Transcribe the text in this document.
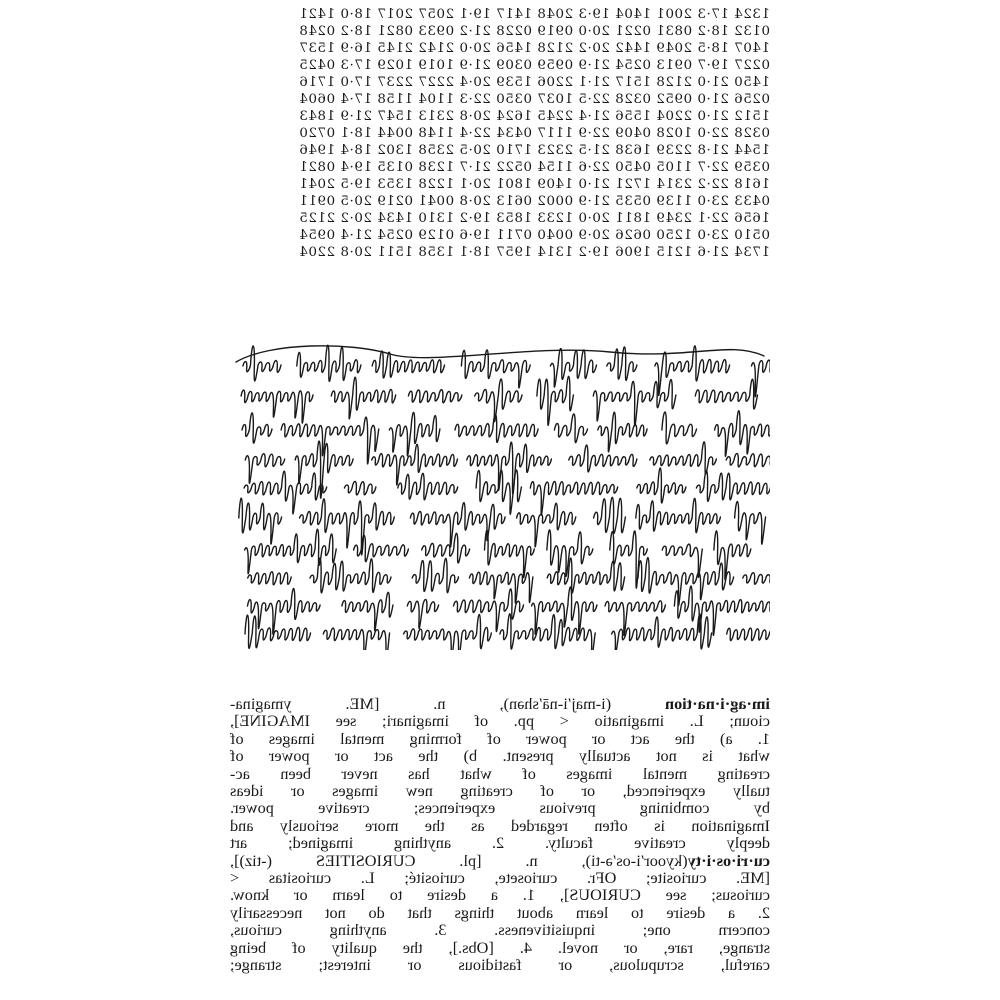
1324 17·3 2001 1404 19·3 2048 1417 19·1 2057 2017 18·0 1421
0132 18·2 0831 0221 20·0 0919 0228 21·2 0933 0821 18·2 0248
1407 18·5 2049 1442 20·2 2128 1456 20·0 2142 2145 16·9 1537
0227 19·7 0913 0254 21·9 0959 0309 21·9 1019 1029 17·3 0425
1450 21·0 2128 1517 21·1 2206 1539 20·4 2227 2237 17·0 1716
0256 21·0 0952 0328 22·5 1037 0350 22·3 1104 1158 17·4 0604
1512 21·0 2204 1556 21·4 2245 1624 20·8 2313 1547 21·9 1843
0328 22·0 1028 0409 22·9 1117 0434 22·4 1148 0044 18·1 0720
1544 21·8 2239 1638 21·5 2323 1710 20·5 2358 1302 18·4 1946
0359 22·7 1105 0450 22·6 1154 0522 21·7 1238 0135 19·4 0821
1618 22·2 2314 1721 21·0 1409 1801 20·1 1228 1353 19·5 2041
0433 23·0 1139 0535 21·9 0002 0613 20·8 0041 0219 20·5 0911
1656 22·1 2349 1811 20·0 1233 1853 19·2 1310 1434 20·2 2125
0510 23·0 1250 0626 20·9 0040 0711 19·6 0129 0254 21·4 0954
1734 21·6 1215 1906 19·2 1314 1957 18·1 1358 1511 20·8 2204
im·ag·i·na·tion (i-maj′i-nā′shən), n. [ME. ymagina-
cioun; L. imaginatio < pp. of imaginari; see IMAGINE],
1. a) the act or power of forming mental images of
what is not actually present. b) the act or power of
creating mental images of what has never been ac-
tually experienced, or of creating new images or ideas
by combining previous experiences; creative power.
Imagination is often regarded as the more seriously and
deeply creative faculty. 2. anything imagined; art
cu·ri·os·i·ty(kyoor′i-os′ə-ti), n. [pl. CURIOSITIES (-tiz)],
[ME. curiosite; OFr. curiosete, curiosité; L. curiositas <
curiosus; see CURIOUS], 1. a desire to learn or know.
2. a desire to learn about things that do not necessarily
concern one; inquisitiveness. 3. anything curious,
strange, rare, or novel. 4. [Obs.], the quality of being
careful, scrupulous, or fastidious or interest; strange;
